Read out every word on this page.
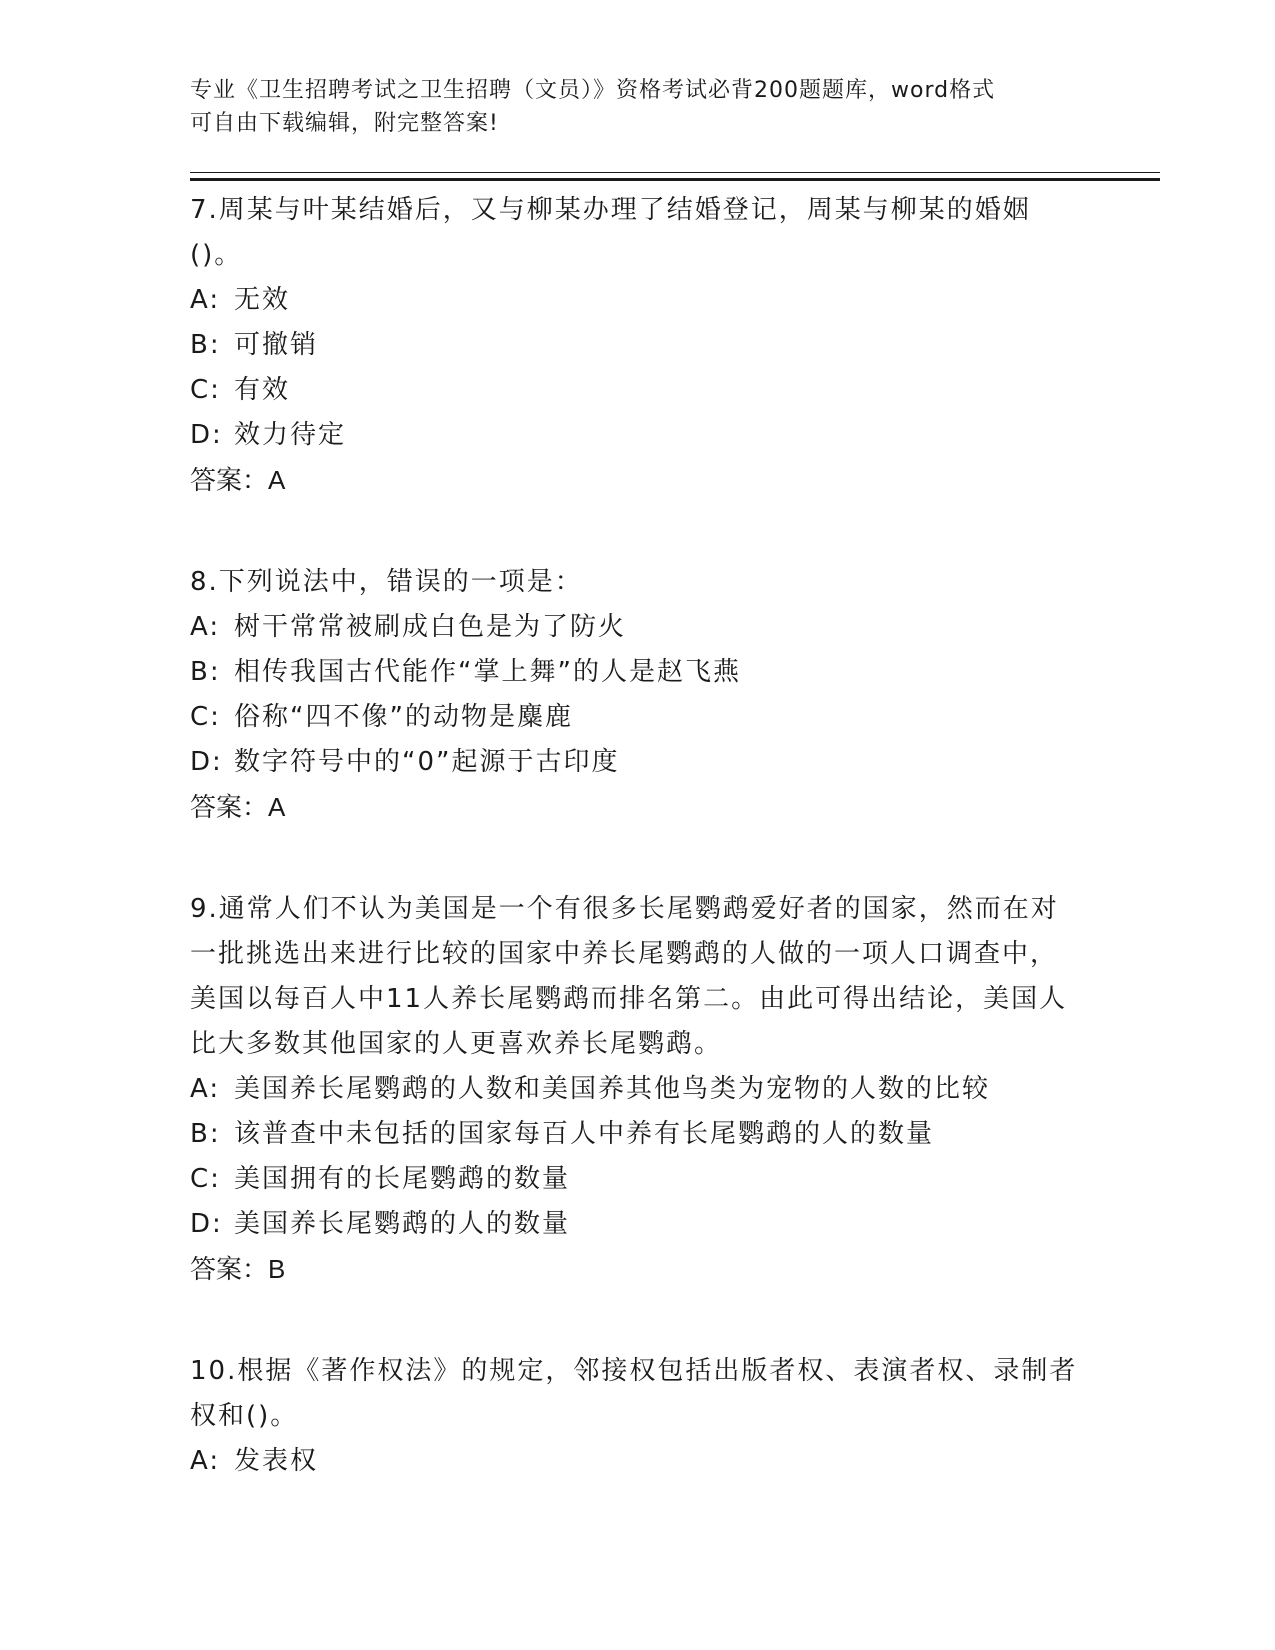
专业《卫生招聘考试之卫生招聘（文员）》资格考试必背200题题库，word格式
可自由下载编辑，附完整答案!

7.周某与叶某结婚后，又与柳某办理了结婚登记，周某与柳某的婚姻()。

A: 无效

B: 可撤销

C: 有效

D: 效力待定

答案：A

8.下列说法中，错误的一项是：

A: 树干常常被刷成白色是为了防火

B: 相传我国古代能作“掌上舞”的人是赵飞燕

C: 俗称“四不像”的动物是麋鹿

D: 数字符号中的“0”起源于古印度

答案：A

9.通常人们不认为美国是一个有很多长尾鹦鹉爱好者的国家，然而在对一批挑选出来进行比较的国家中养长尾鹦鹉的人做的一项人口调查中，美国以每百人中11人养长尾鹦鹉而排名第二。由此可得出结论，美国人比大多数其他国家的人更喜欢养长尾鹦鹉。

A: 美国养长尾鹦鹉的人数和美国养其他鸟类为宠物的人数的比较

B: 该普查中未包括的国家每百人中养有长尾鹦鹉的人的数量

C: 美国拥有的长尾鹦鹉的数量

D: 美国养长尾鹦鹉的人的数量

答案：B

10.根据《著作权法》的规定，邻接权包括出版者权、表演者权、录制者权和()。

A: 发表权
